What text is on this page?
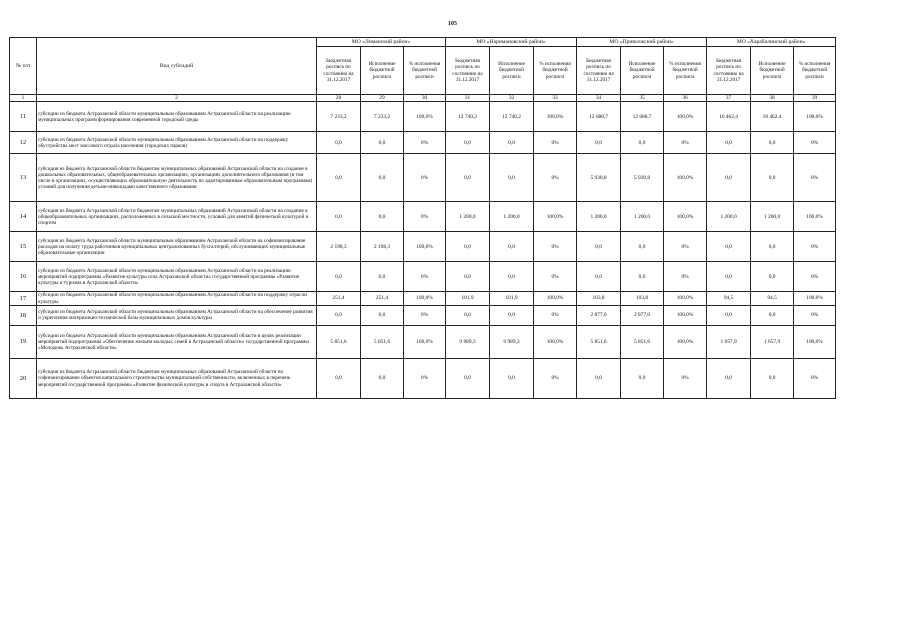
105
№ п/п	Вид субсидий	МО «Лиманский район»			МО «Наримановский район»			МО «Приволжский район»			МО «Харабалинский район»		
		Бюджетная роспись по состоянию на 31.12.2017	Исполнение бюджетной росписи	% исполнения бюджетной росписи	Бюджетная роспись по состоянию на 31.12.2017	Исполнение бюджетной росписи	% исполнения бюджетной росписи	Бюджетная роспись по состоянию на 31.12.2017	Исполнение бюджетной росписи	% исполнения бюджетной росписи	Бюджетная роспись по состоянию на 31.12.2017	Исполнение бюджетной росписи	% исполнения бюджетной росписи
1	2	28	29	30	31	32	33	34	35	36	37	38	39
11	субсидии из бюджета Астраханской области муниципальным образованиям Астраханской области на реализацию муниципальных программ формирования современной городской среды	7 233,2	7 233,2	100,0%	12 740,2	12 740,2	100,0%	12 688,7	12 688,7	100,0%	10 462,4	10 462,4	100,0%
12	субсидии из бюджета Астраханской области муниципальным образованиям Астраханской области на поддержку обустройства мест массового отдыха населения (городских парков)	0,0	0,0	0%	0,0	0,0	0%	0,0	0,0	0%	0,0	0,0	0%
13	субсидия из бюджета Астраханской области бюджетам муниципальных образований Астраханской области на создание в дошкольных образовательных, общеобразовательных организациях, организациях дополнительного образования (в том числе в организациях, осуществляющих образовательную деятельность по адаптированным образовательным программам) условий для получения детьми-инвалидами качественного образования	0,0	0,0	0%	0,0	0,0	0%	5 930,8	5 930,8	100,0%	0,0	0,0	0%
14	субсидия из бюджета Астраханской области бюджетам муниципальных образований Астраханской области на создание в общеобразовательных организациях, расположенных в сельской местности, условий для занятий физической культурой и спортом	0,0	0,0	0%	1 200,0	1 200,0	100,0%	1 200,0	1 200,0	100,0%	1 200,0	1 200,0	100,0%
15	субсидия из бюджета Астраханской области муниципальным образованиям Астраханской области на софинансирование расходов на оплату труда работников муниципальных централизованных бухгалтерий, обслуживающих муниципальные образовательные организации	2 198,3	2 198,3	100,0%	0,0	0,0	0%	0,0	0,0	0%	0,0	0,0	0%
16	субсидии из бюджета Астраханской области муниципальным образованиям Астраханской области на реализацию мероприятий подпрограммы «Развитие культуры села Астраханской области» государственной программы «Развитие культуры и туризма в Астраханской области»	0,0	0,0	0%	0,0	0,0	0%	0,0	0,0	0%	0,0	0,0	0%
17	субсидии из бюджета Астраханской области муниципальным образованиям Астраханской области на поддержку отрасли культуры	251,4	251,4	100,0%	101,9	101,9	100,0%	103,8	103,8	100,0%	94,5	94,5	100,0%
18	субсидии из бюджета Астраханской области муниципальным образованиям Астраханской области на обеспечение развития и укрепления материально-технической базы муниципальных домов культуры	0,0	0,0	0%	0,0	0,0	0%	2 877,0	2 877,0	100,0%	0,0	0,0	0%
19	субсидии из бюджета Астраханской области муниципальным образованиям Астраханской области в целях реализации мероприятий подпрограммы «Обеспечение жильем молодых семей в Астраханской области» государственной программы «Молодежь Астраханской области»	5 851,6	5 851,6	100,0%	9 989,3	9 989,3	100,0%	5 851,6	5 851,6	100,0%	1 657,9	1 657,9	100,0%
20	субсидия из бюджета Астраханской области бюджетам муниципальных образований Астраханской области на софинансирование объектов капитального строительства муниципальной собственности, включенных в перечень мероприятий государственной программы «Развитие физической культуры и спорта в Астраханской области»	0,0	0,0	0%	0,0	0,0	0%	0,0	0,0	0%	0,0	0,0	0%
